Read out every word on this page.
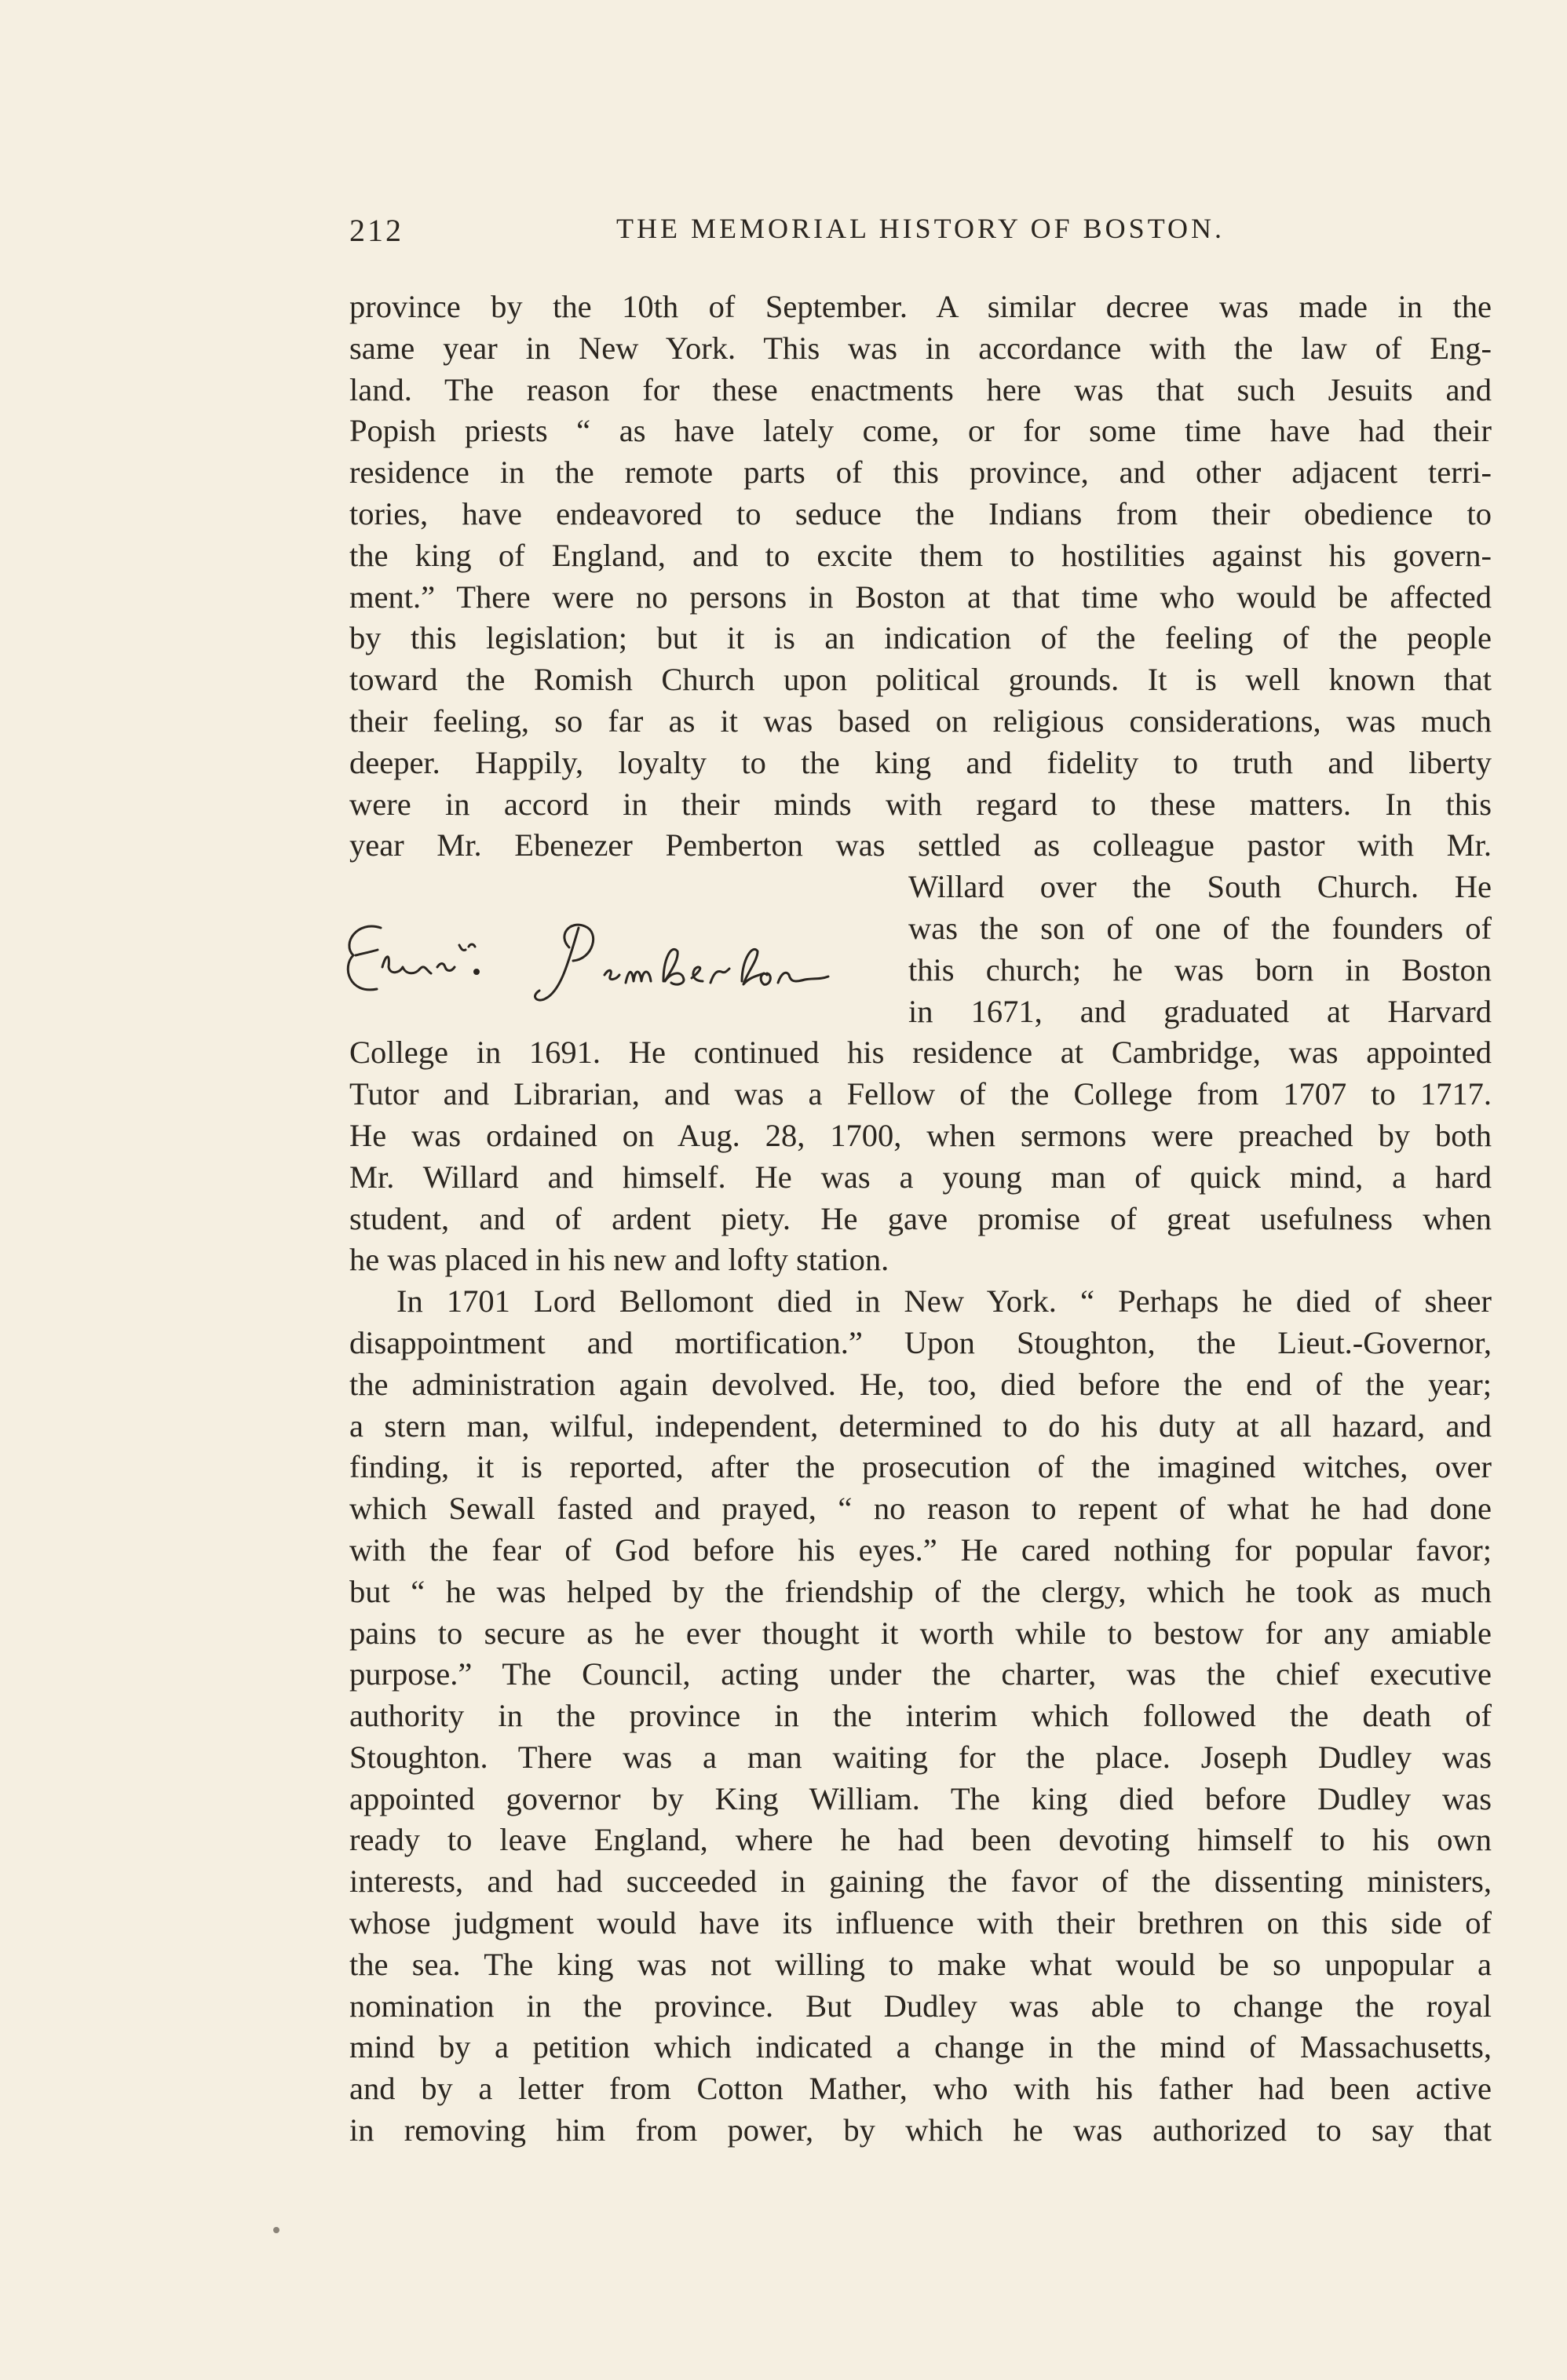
212	THE MEMORIAL HISTORY OF BOSTON.
province by the 10th of September. A similar decree was made in the
same year in New York. This was in accordance with the law of Eng-
land. The reason for these enactments here was that such Jesuits and
Popish priests “ as have lately come, or for some time have had their
residence in the remote parts of this province, and other adjacent terri-
tories, have endeavored to seduce the Indians from their obedience to
the king of England, and to excite them to hostilities against his govern-
ment.” There were no persons in Boston at that time who would be affected
by this legislation; but it is an indication of the feeling of the people
toward the Romish Church upon political grounds. It is well known that
their feeling, so far as it was based on religious considerations, was much
deeper. Happily, loyalty to the king and fidelity to truth and liberty
were in accord in their minds with regard to these matters. In this
year Mr. Ebenezer Pemberton was settled as colleague pastor with Mr.
Willard over the South Church. He
was the son of one of the founders of
this church; he was born in Boston
in 1671, and graduated at Harvard
College in 1691. He continued his residence at Cambridge, was appointed
Tutor and Librarian, and was a Fellow of the College from 1707 to 1717.
He was ordained on Aug. 28, 1700, when sermons were preached by both
Mr. Willard and himself. He was a young man of quick mind, a hard
student, and of ardent piety. He gave promise of great usefulness when
he was placed in his new and lofty station.
In 1701 Lord Bellomont died in New York. “ Perhaps he died of sheer
disappointment and mortification.” Upon Stoughton, the Lieut.-Governor,
the administration again devolved. He, too, died before the end of the year;
a stern man, wilful, independent, determined to do his duty at all hazard, and
finding, it is reported, after the prosecution of the imagined witches, over
which Sewall fasted and prayed, “ no reason to repent of what he had done
with the fear of God before his eyes.” He cared nothing for popular favor;
but “ he was helped by the friendship of the clergy, which he took as much
pains to secure as he ever thought it worth while to bestow for any amiable
purpose.” The Council, acting under the charter, was the chief executive
authority in the province in the interim which followed the death of
Stoughton. There was a man waiting for the place. Joseph Dudley was
appointed governor by King William. The king died before Dudley was
ready to leave England, where he had been devoting himself to his own
interests, and had succeeded in gaining the favor of the dissenting ministers,
whose judgment would have its influence with their brethren on this side of
the sea. The king was not willing to make what would be so unpopular a
nomination in the province. But Dudley was able to change the royal
mind by a petition which indicated a change in the mind of Massachusetts,
and by a letter from Cotton Mather, who with his father had been active
in removing him from power, by which he was authorized to say that
